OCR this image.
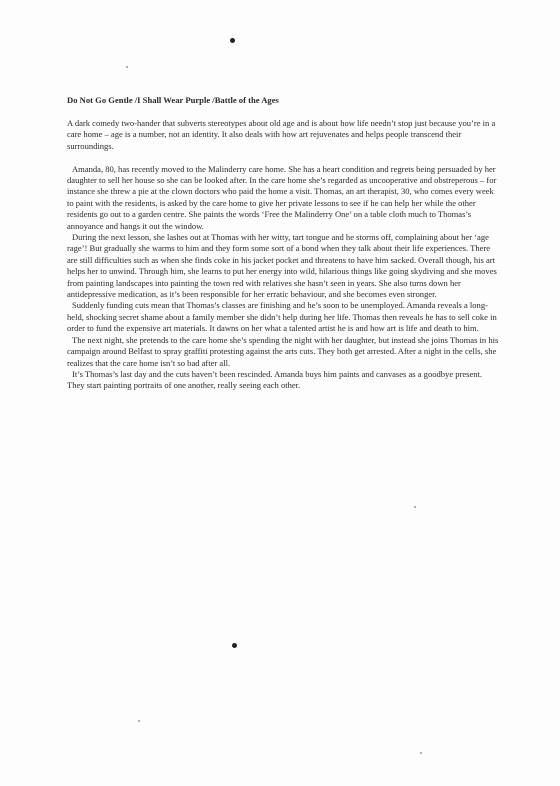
Do Not Go Gentle /I Shall Wear Purple /Battle of the Ages

A dark comedy two-hander that subverts stereotypes about old age and is about how life needn’t stop just because you’re in a care home – age is a number, not an identity. It also deals with how art rejuvenates and helps people transcend their surroundings.

Amanda, 80, has recently moved to the Malinderry care home. She has a heart condition and regrets being persuaded by her daughter to sell her house so she can be looked after. In the care home she’s regarded as uncooperative and obstreperous – for instance she threw a pie at the clown doctors who paid the home a visit. Thomas, an art therapist, 30, who comes every week to paint with the residents, is asked by the care home to give her private lessons to see if he can help her while the other residents go out to a garden centre. She paints the words ‘Free the Malinderry One’ on a table cloth much to Thomas’s annoyance and hangs it out the window.

During the next lesson, she lashes out at Thomas with her witty, tart tongue and he storms off, complaining about her ‘age rage’! But gradually she warms to him and they form some sort of a bond when they talk about their life experiences. There are still difficulties such as when she finds coke in his jacket pocket and threatens to have him sacked. Overall though, his art helps her to unwind. Through him, she learns to put her energy into wild, hilarious things like going skydiving and she moves from painting landscapes into painting the town red with relatives she hasn’t seen in years. She also turns down her antidepressive medication, as it’s been responsible for her erratic behaviour, and she becomes even stronger.

Suddenly funding cuts mean that Thomas’s classes are finishing and he’s soon to be unemployed. Amanda reveals a long-held, shocking secret shame about a family member she didn’t help during her life. Thomas then reveals he has to sell coke in order to fund the expensive art materials. It dawns on her what a talented artist he is and how art is life and death to him.

The next night, she pretends to the care home she’s spending the night with her daughter, but instead she joins Thomas in his campaign around Belfast to spray graffiti protesting against the arts cuts. They both get arrested. After a night in the cells, she realizes that the care home isn’t so bad after all.

It’s Thomas’s last day and the cuts haven’t been rescinded. Amanda buys him paints and canvases as a goodbye present. They start painting portraits of one another, really seeing each other.
